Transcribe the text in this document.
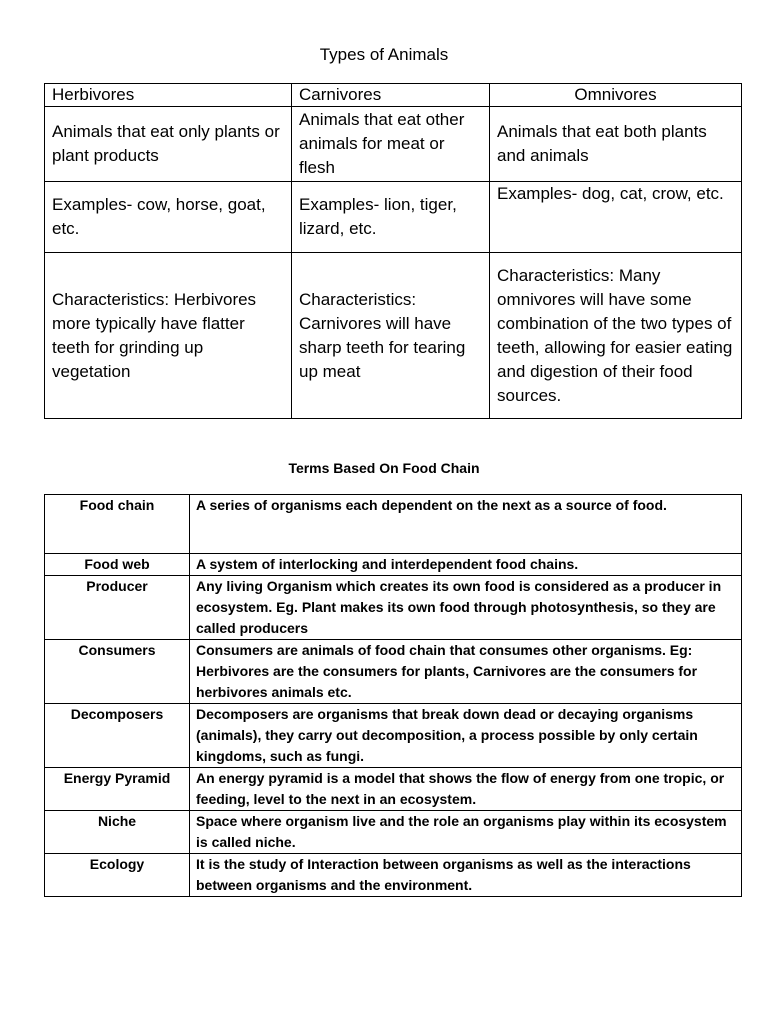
Types of Animals
Herbivores	Carnivores	Omnivores
Animals that eat only plants or plant products	Animals that eat other animals for meat or flesh	Animals that eat both plants and animals
Examples- cow, horse, goat, etc.	Examples- lion, tiger, lizard, etc.	Examples- dog, cat, crow, etc.
Characteristics: Herbivores more typically have flatter teeth for grinding up vegetation	Characteristics: Carnivores will have sharp teeth for tearing up meat	Characteristics: Many omnivores will have some combination of the two types of teeth, allowing for easier eating and digestion of their food sources.
Terms Based On Food Chain
Food chain	A series of organisms each dependent on the next as a source of food.
Food web	A system of interlocking and interdependent food chains.
Producer	Any living Organism which creates its own food is considered as a producer in ecosystem. Eg. Plant makes its own food through photosynthesis, so they are called producers
Consumers	Consumers are animals of food chain that consumes other organisms. Eg: Herbivores are the consumers for plants, Carnivores are the consumers for herbivores animals etc.
Decomposers	Decomposers are organisms that break down dead or decaying organisms (animals), they carry out decomposition, a process possible by only certain kingdoms, such as fungi.
Energy Pyramid	An energy pyramid is a model that shows the flow of energy from one tropic, or feeding, level to the next in an ecosystem.
Niche	Space where organism live and the role an organisms play within its ecosystem is called niche.
Ecology	It is the study of Interaction between organisms as well as the interactions between organisms and the environment.
